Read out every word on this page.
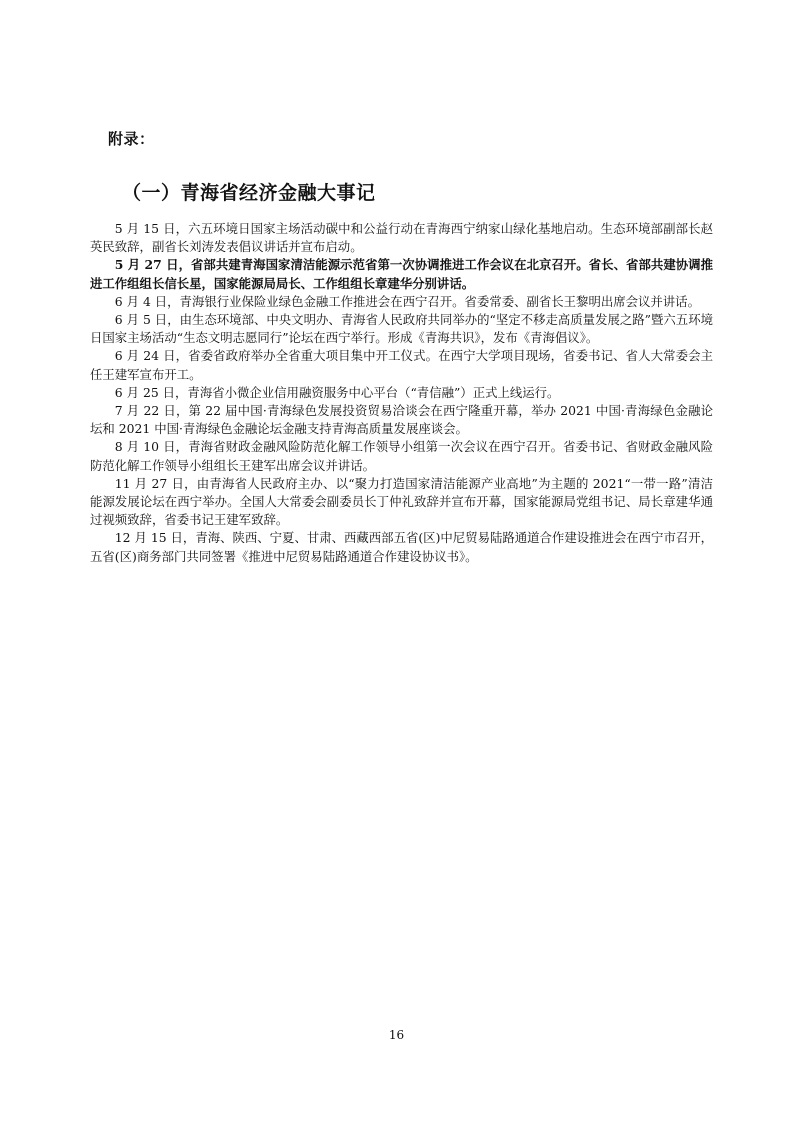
附录：
（一）青海省经济金融大事记

5 月 15 日，六五环境日国家主场活动碳中和公益行动在青海西宁纳家山绿化基地启动。生态环境部副部长赵英民致辞，副省长刘涛发表倡议讲话并宣布启动。

5 月 27 日，省部共建青海国家清洁能源示范省第一次协调推进工作会议在北京召开。省长、省部共建协调推进工作组组长信长星，国家能源局局长、工作组组长章建华分别讲话。

6 月 4 日，青海银行业保险业绿色金融工作推进会在西宁召开。省委常委、副省长王黎明出席会议并讲话。

6 月 5 日，由生态环境部、中央文明办、青海省人民政府共同举办的“坚定不移走高质量发展之路”暨六五环境日国家主场活动“生态文明志愿同行”论坛在西宁举行。形成《青海共识》，发布《青海倡议》。

6 月 24 日，省委省政府举办全省重大项目集中开工仪式。在西宁大学项目现场，省委书记、省人大常委会主任王建军宣布开工。

6 月 25 日，青海省小微企业信用融资服务中心平台（“青信融”）正式上线运行。

7 月 22 日，第 22 届中国·青海绿色发展投资贸易洽谈会在西宁隆重开幕，举办 2021 中国·青海绿色金融论坛和 2021 中国·青海绿色金融论坛金融支持青海高质量发展座谈会。

8 月 10 日，青海省财政金融风险防范化解工作领导小组第一次会议在西宁召开。省委书记、省财政金融风险防范化解工作领导小组组长王建军出席会议并讲话。

11 月 27 日，由青海省人民政府主办、以“聚力打造国家清洁能源产业高地”为主题的 2021“一带一路”清洁能源发展论坛在西宁举办。全国人大常委会副委员长丁仲礼致辞并宣布开幕，国家能源局党组书记、局长章建华通过视频致辞，省委书记王建军致辞。

12 月 15 日，青海、陕西、宁夏、甘肃、西藏西部五省(区)中尼贸易陆路通道合作建设推进会在西宁市召开，五省(区)商务部门共同签署《推进中尼贸易陆路通道合作建设协议书》。

16
